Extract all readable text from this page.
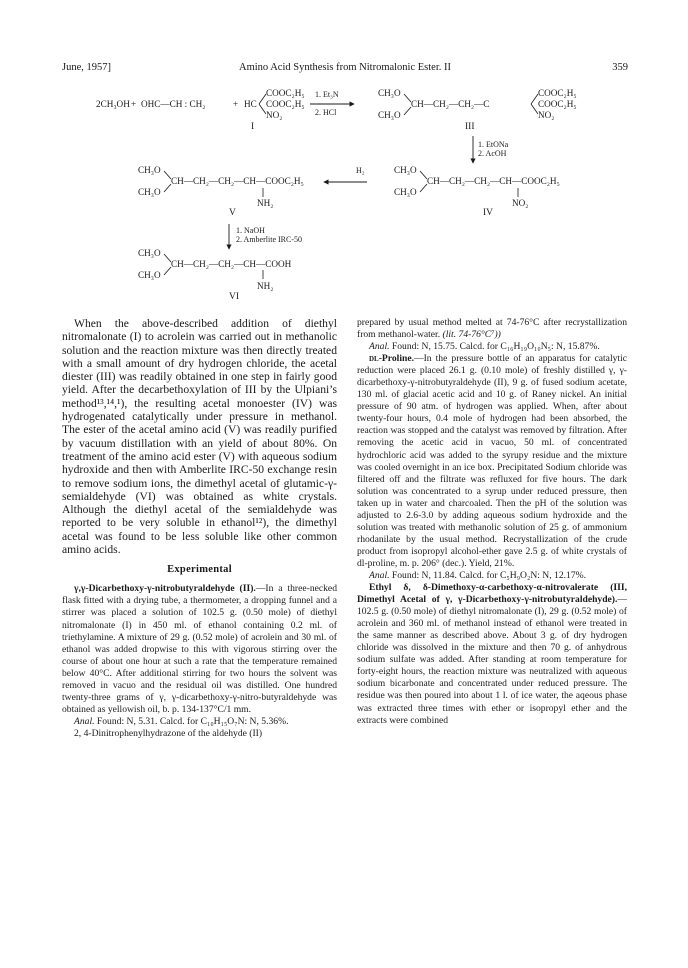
June, 1957]	Amino Acid Synthesis from Nitromalonic Ester. II	359
2CH₃OH + OHC—CH : CH₂	+ HC
COOC₂H₅
COOC₂H₅
NO₂
I
1. Et₃N
2. HCl
CH₃O
CH₃O
CH—CH₂—CH₂—C
COOC₂H₅
COOC₂H₅
NO₂
III
1. EtONa
2. AcOH
CH₃O
CH₃O
CH—CH₂—CH₂—CH—COOC₂H₅
NO₂
IV
H₂
CH₃O
CH₃O
CH—CH₂—CH₂—CH—COOC₂H₅
NH₂
V
1. NaOH
2. Amberlite IRC-50
CH₃O
CH₃O
CH—CH₂—CH₂—CH—COOH
NH₂
VI

When the above-described addition of diethyl nitromalonate (I) to acrolein was carried out in methanolic solution and the reaction mixture was then directly treated with a small amount of dry hydrogen chloride, the acetal diester (III) was readily obtained in one step in fairly good yield. After the decarbethoxylation of III by the Ulpiani’s method¹³,¹⁴,¹), the resulting acetal monoester (IV) was hydrogenated catalytically under pressure in methanol. The ester of the acetal amino acid (V) was readily purified by vacuum distillation with an yield of about 80%. On treatment of the amino acid ester (V) with aqueous sodium hydroxide and then with Amberlite IRC-50 exchange resin to remove sodium ions, the dimethyl acetal of glutamic-γ-semialdehyde (VI) was obtained as white crystals. Although the diethyl acetal of the semialdehyde was reported to be very soluble in ethanol¹²), the dimethyl acetal was found to be less soluble like other common amino acids.

Experimental

γ,γ-Dicarbethoxy-γ-nitrobutyraldehyde (II).—In a three-necked flask fitted with a drying tube, a thermometer, a dropping funnel and a stirrer was placed a solution of 102.5 g. (0.50 mole) of diethyl nitromalonate (I) in 450 ml. of ethanol containing 0.2 ml. of triethylamine. A mixture of 29 g. (0.52 mole) of acrolein and 30 ml. of ethanol was added dropwise to this with vigorous stirring over the course of about one hour at such a rate that the temperature remained below 40°C. After additional stirring for two hours the solvent was removed in vacuo and the residual oil was distilled. One hundred twenty-three grams of γ, γ-dicarbethoxy-γ-nitro-butyraldehyde was obtained as yellowish oil, b. p. 134-137°C/1 mm.

Anal. Found: N, 5.31. Calcd. for C₁₀H₁₅O₇N: N, 5.36%.

2, 4-Dinitrophenylhydrazone of the aldehyde (II)

prepared by usual method melted at 74-76°C after recrystallization from methanol-water. (lit. 74-76°C⁷))

Anal. Found: N, 15.75. Calcd. for C₁₆H₁₉O₁₀N₅: N, 15.87%.

dl-Proline.—In the pressure bottle of an apparatus for catalytic reduction were placed 26.1 g. (0.10 mole) of freshly distilled γ, γ-dicarbethoxy-γ-nitrobutyraldehyde (II), 9 g. of fused sodium acetate, 130 ml. of glacial acetic acid and 10 g. of Raney nickel. An initial pressure of 90 atm. of hydrogen was applied. When, after about twenty-four hours, 0.4 mole of hydrogen had been absorbed, the reaction was stopped and the catalyst was removed by filtration. After removing the acetic acid in vacuo, 50 ml. of concentrated hydrochloric acid was added to the syrupy residue and the mixture was cooled overnight in an ice box. Precipitated Sodium chloride was filtered off and the filtrate was refluxed for five hours. The dark solution was concentrated to a syrup under reduced pressure, then taken up in water and charcoaled. Then the pH of the solution was adjusted to 2.6-3.0 by adding aqueous sodium hydroxide and the solution was treated with methanolic solution of 25 g. of ammonium rhodanilate by the usual method. Recrystallization of the crude product from isopropyl alcohol-ether gave 2.5 g. of white crystals of dl-proline, m. p. 206° (dec.). Yield, 21%.

Anal. Found: N, 11.84. Calcd. for C₅H₉O₂N: N, 12.17%.

Ethyl δ, δ-Dimethoxy-α-carbethoxy-α-nitrovalerate (III, Dimethyl Acetal of γ, γ-Dicarbethoxy-γ-nitrobutyraldehyde).—102.5 g. (0.50 mole) of diethyl nitromalonate (I), 29 g. (0.52 mole) of acrolein and 360 ml. of methanol instead of ethanol were treated in the same manner as described above. About 3 g. of dry hydrogen chloride was dissolved in the mixture and then 70 g. of anhydrous sodium sulfate was added. After standing at room temperature for forty-eight hours, the reaction mixture was neutralized with aqueous sodium bicarbonate and concentrated under reduced pressure. The residue was then poured into about 1 l. of ice water, the aqeous phase was extracted three times with ether or isopropyl ether and the extracts were combined
